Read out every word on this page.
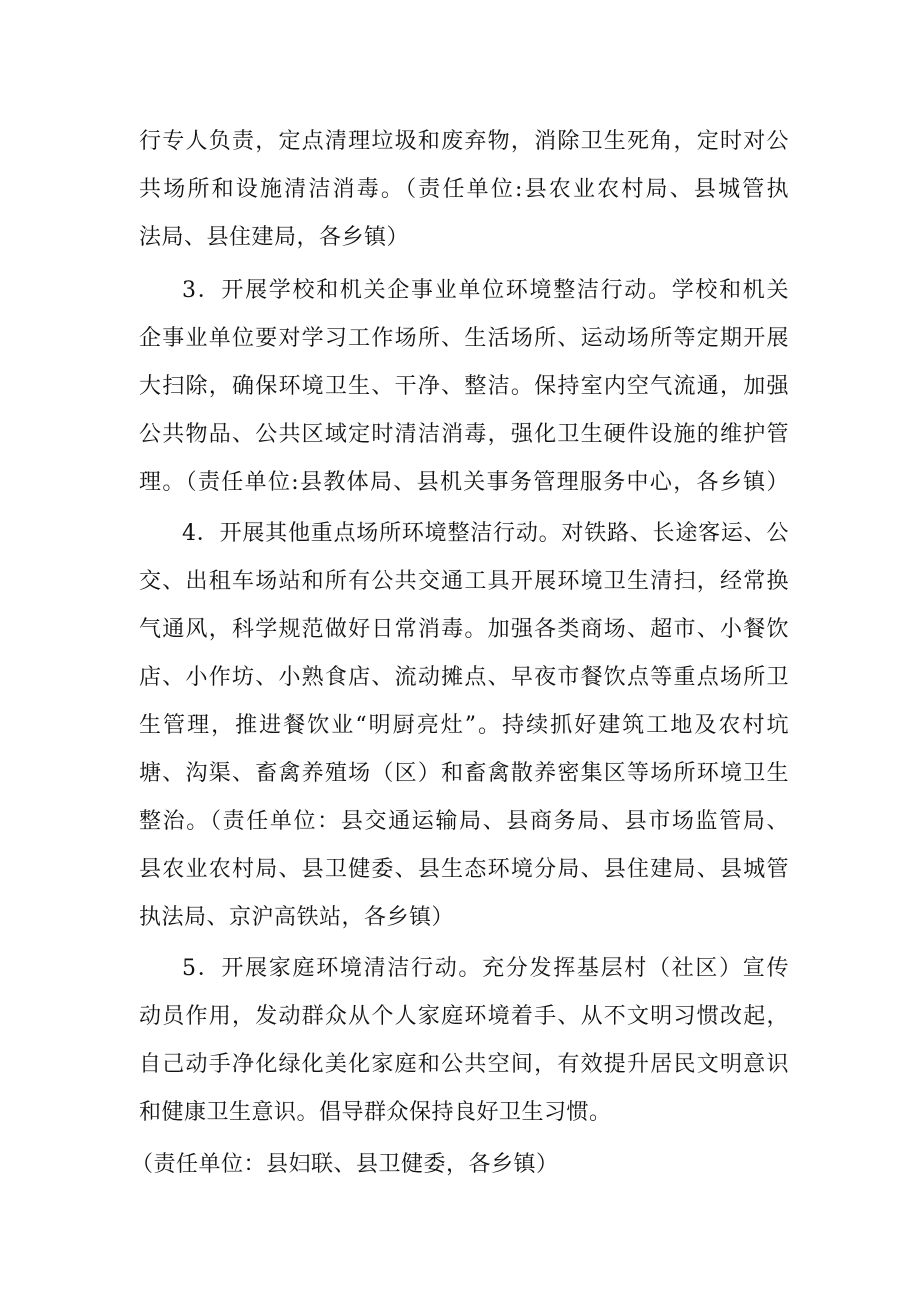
行专人负责，定点清理垃圾和废弃物，消除卫生死角，定时对公
共场所和设施清洁消毒。（责任单位:县农业农村局、县城管执
法局、县住建局，各乡镇）
3．开展学校和机关企事业单位环境整洁行动。学校和机关
企事业单位要对学习工作场所、生活场所、运动场所等定期开展
大扫除，确保环境卫生、干净、整洁。保持室内空气流通，加强
公共物品、公共区域定时清洁消毒，强化卫生硬件设施的维护管
理。（责任单位:县教体局、县机关事务管理服务中心，各乡镇）
4．开展其他重点场所环境整洁行动。对铁路、长途客运、公
交、出租车场站和所有公共交通工具开展环境卫生清扫，经常换
气通风，科学规范做好日常消毒。加强各类商场、超市、小餐饮
店、小作坊、小熟食店、流动摊点、早夜市餐饮点等重点场所卫
生管理，推进餐饮业“明厨亮灶”。持续抓好建筑工地及农村坑
塘、沟渠、畜禽养殖场（区）和畜禽散养密集区等场所环境卫生
整治。（责任单位：县交通运输局、县商务局、县市场监管局、
县农业农村局、县卫健委、县生态环境分局、县住建局、县城管
执法局、京沪高铁站，各乡镇）
5．开展家庭环境清洁行动。充分发挥基层村（社区）宣传
动员作用，发动群众从个人家庭环境着手、从不文明习惯改起，
自己动手净化绿化美化家庭和公共空间，有效提升居民文明意识
和健康卫生意识。倡导群众保持良好卫生习惯。
（责任单位：县妇联、县卫健委，各乡镇）
